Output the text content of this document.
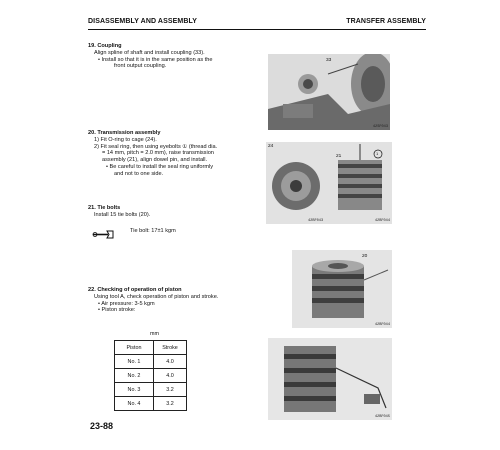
DISASSEMBLY AND ASSEMBLY	TRANSFER ASSEMBLY
19. Coupling
Align spline of shaft and install coupling (33).
• Install so that it is in the same position as the
front output coupling.
20. Transmission assembly
1) Fit O-ring to cage (24).
2) Fit seal ring, then using eyebolts ① (thread dia.
= 14 mm, pitch = 2.0 mm), raise transmission
assembly (21), align dowel pin, and install.
• Be careful to install the seal ring uniformly
and not to one side.
21. Tie bolts
Install 15 tie bolts (20).
Tie bolt: 17±1 kgm
22. Checking of operation of piston
Using tool A, check operation of piston and stroke.
• Air pressure: 3-5 kgm
• Piston stroke:
mm
Piston	Stroke
No. 1	4.0
No. 2	4.0
No. 3	3.2
No. 4	3.2
33
42SF043
24
21
1
42BF043	42BF044
20
42BF044
42BF045
23-88
